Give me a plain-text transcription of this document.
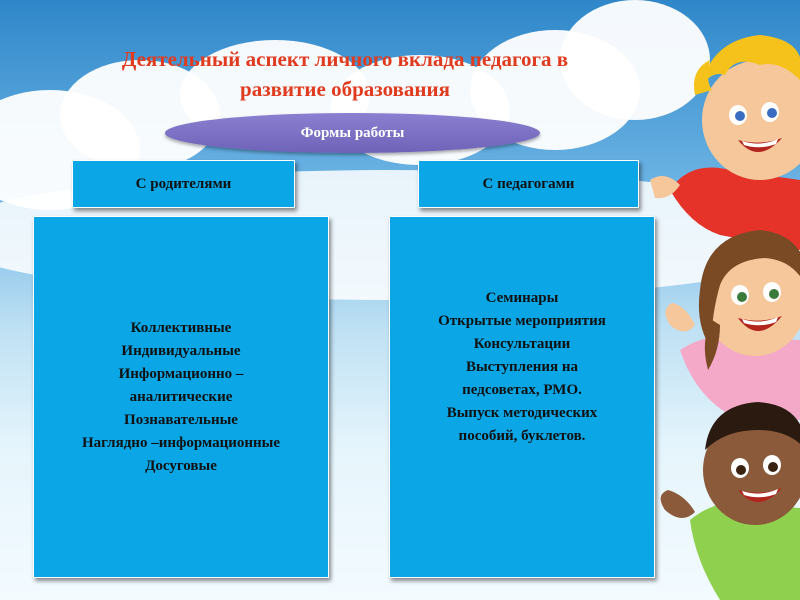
Деятельный аспект личного вклада педагога в
развитие образования
Формы работы
С родителями	С педагогами
Коллективные
Индивидуальные
Информационно –
аналитические
Познавательные
Наглядно –информационные
Досуговые
Семинары
Открытые мероприятия
Консультации
Выступления на
педсоветах, РМО.
Выпуск методических
пособий, буклетов.
